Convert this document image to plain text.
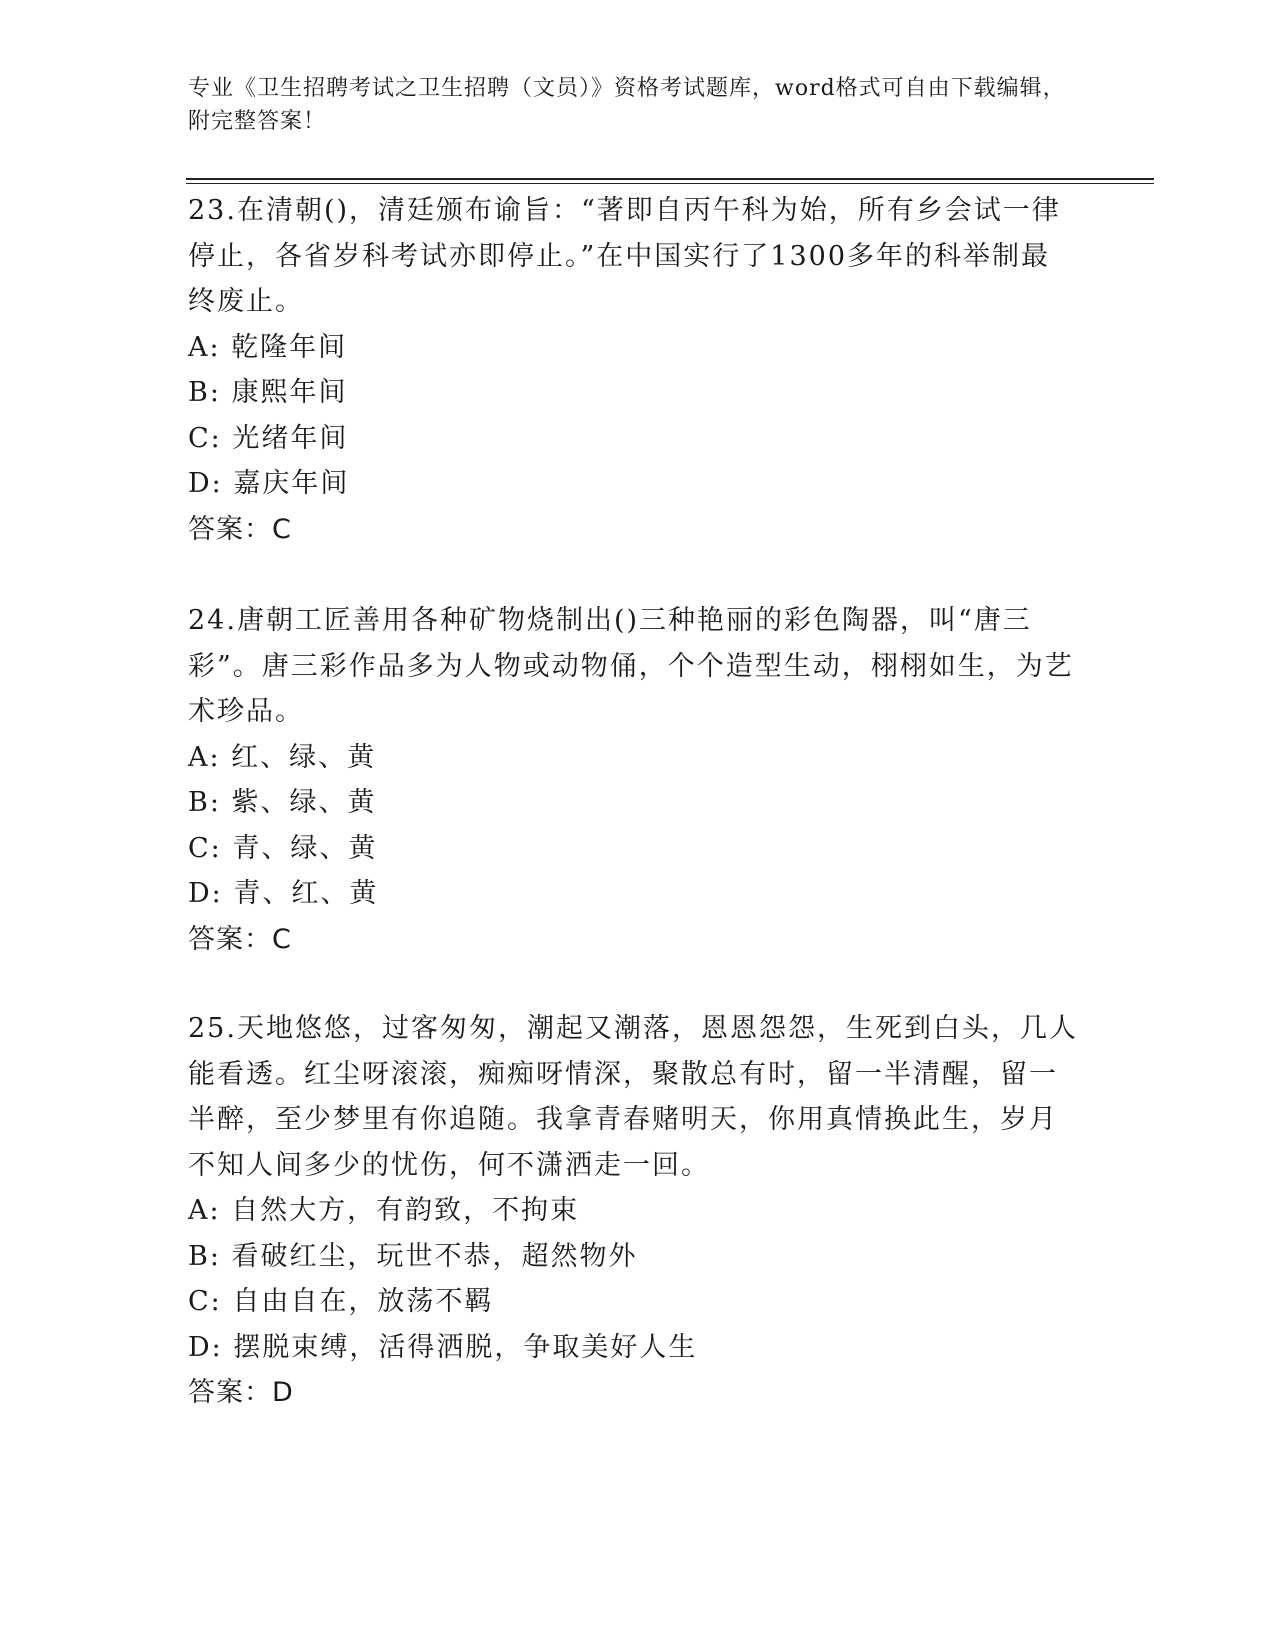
专业《卫生招聘考试之卫生招聘（文员）》资格考试题库，word格式可自由下载编辑，附完整答案！

23.在清朝()，清廷颁布谕旨：“著即自丙午科为始，所有乡会试一律停止，各省岁科考试亦即停止。”在中国实行了1300多年的科举制最终废止。

A: 乾隆年间

B: 康熙年间

C: 光绪年间

D: 嘉庆年间

答案：C

24.唐朝工匠善用各种矿物烧制出()三种艳丽的彩色陶器，叫“唐三彩”。唐三彩作品多为人物或动物俑，个个造型生动，栩栩如生，为艺术珍品。

A: 红、绿、黄

B: 紫、绿、黄

C: 青、绿、黄

D: 青、红、黄

答案：C

25.天地悠悠，过客匆匆，潮起又潮落，恩恩怨怨，生死到白头，几人能看透。红尘呀滚滚，痴痴呀情深，聚散总有时，留一半清醒，留一半醉，至少梦里有你追随。我拿青春赌明天，你用真情换此生，岁月不知人间多少的忧伤，何不潇洒走一回。

A: 自然大方，有韵致，不拘束

B: 看破红尘，玩世不恭，超然物外

C: 自由自在，放荡不羁

D: 摆脱束缚，活得洒脱，争取美好人生

答案：D
